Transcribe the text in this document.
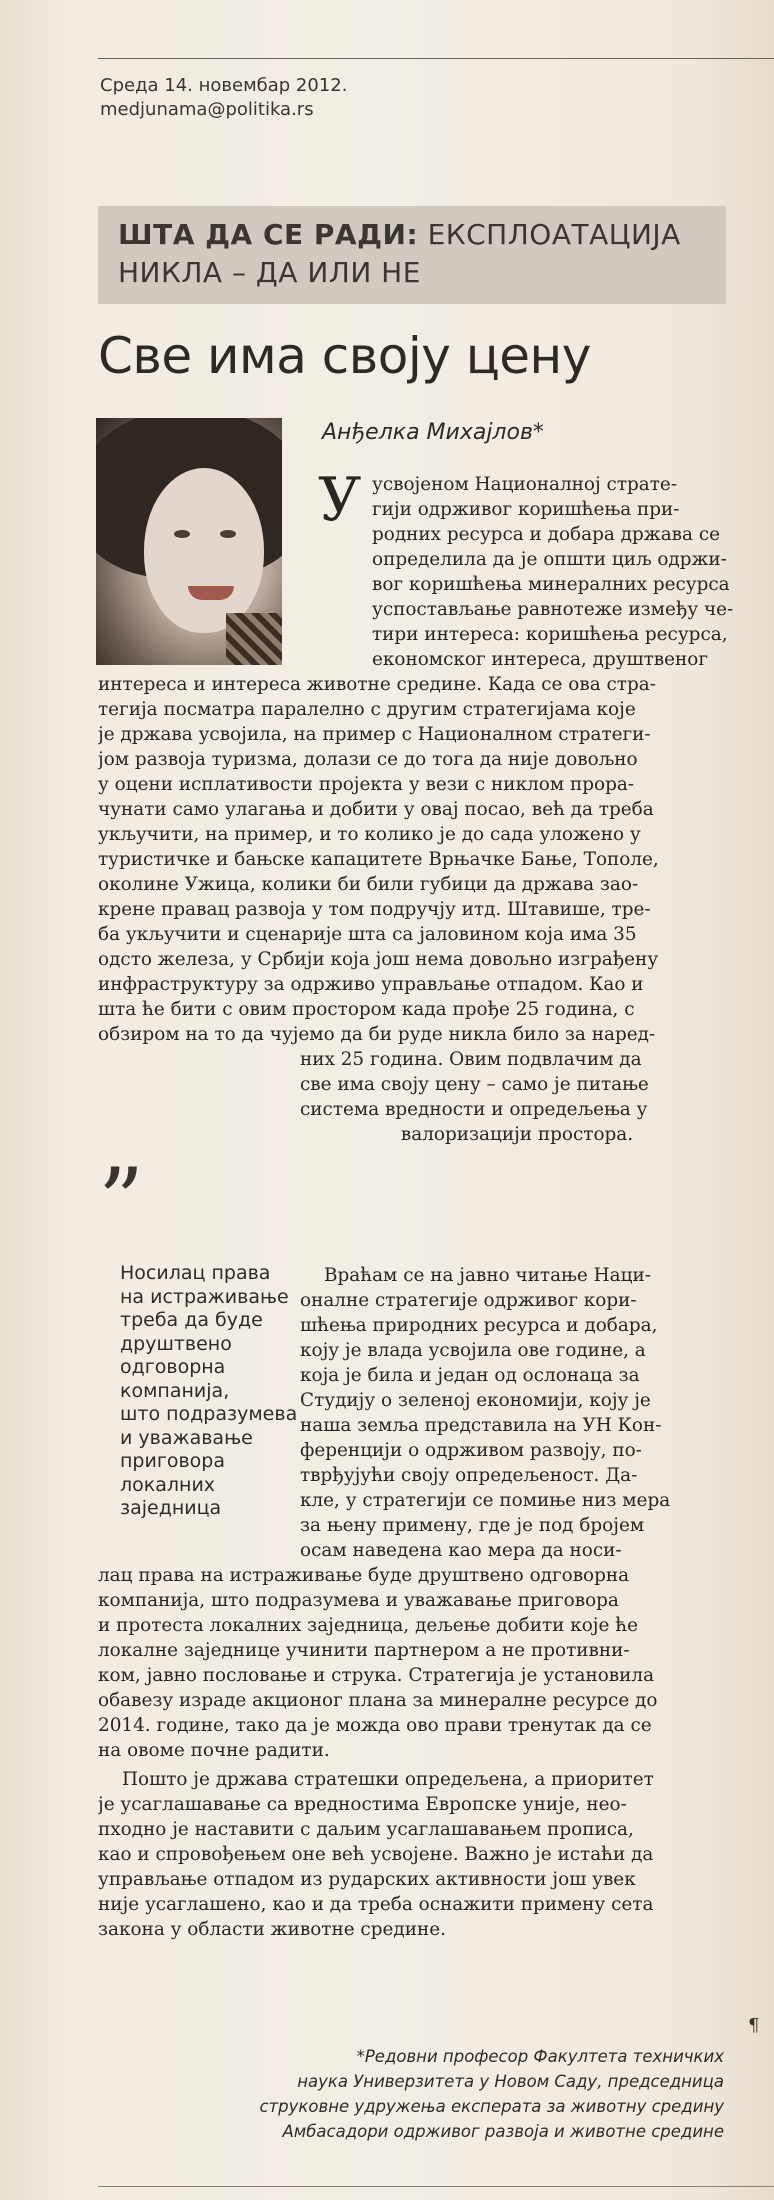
Среда 14. новембар 2012.
medjunama@politika.rs
ШТА ДА СЕ РАДИ: ЕКСПЛОАТАЦИЈА
НИКЛА – ДА ИЛИ НЕ
Све има своју цену
Анђелка Михајлов*
У усвојеном Националној страте-
гији одрживог коришћења при-
родних ресурса и добара држава се
определила да је општи циљ одржи-
вог коришћења минералних ресурса
успостављање равнотеже између че-
тири интереса: коришћења ресурса,
економског интереса, друштвеног
интереса и интереса животне средине. Када се ова стра-
тегија посматра паралелно с другим стратегијама које
је држава усвојила, на пример с Националном стратеги-
јом развоја туризма, долази се до тога да није довољно
у оцени исплативости пројекта у вези с никлом прора-
чунати само улагања и добити у овај посао, већ да треба
укључити, на пример, и то колико је до сада уложено у
туристичке и бањске капацитете Врњачке Бање, Тополе,
околине Ужица, колики би били губици да држава зао-
крене правац развоја у том подручју итд. Штавише, тре-
ба укључити и сценарије шта са јаловином која има 35
одсто железа, у Србији која још нема довољно изграђену
инфраструктуру за одрживо управљање отпадом. Као и
шта ће бити с овим простором када прође 25 година, с
обзиром на то да чујемо да би руде никла било за наред-
них 25 година. Овим подвлачим да
све има своју цену – само је питање
система вредности и опредељења у
валоризацији простора.
Враћам се на јавно читање Наци-
оналне стратегије одрживог кори-
шћења природних ресурса и добара,
коју је влада усвојила ове године, а
која је била и један од ослонаца за
Студију о зеленој економији, коју је
наша земља представила на УН Кон-
ференцији о одрживом развоју, по-
тврђујући своју опредељеност. Да-
кле, у стратегији се помиње низ мера
за њену примену, где је под бројем
осам наведена као мера да носи-
лац права на истраживање буде друштвено одговорна
компанија, што подразумева и уважавање приговора
и протеста локалних заједница, дељење добити које ће
локалне заједнице учинити партнером а не противни-
ком, јавно пословање и струка. Стратегија је установила
обавезу израде акционог плана за минералне ресурсе до
2014. године, тако да је можда ово прави тренутак да се
на овоме почне радити.
Пошто је држава стратешки опредељена, а приоритет
је усаглашавање са вредностима Европске уније, нео-
пходно је наставити с даљим усаглашавањем прописа,
као и спровођењем оне већ усвојене. Важно је истаћи да
управљање отпадом из рударских активности још увек
није усаглашено, као и да треба оснажити примену сета
закона у области животне средине.
”
Носилац права
на истраживање
треба да буде
друштвено
одговорна
компанија,
што подразумева
и уважавање
приговора
локалних
заједница
¶
*Редовни професор Факултета техничких
наука Универзитета у Новом Саду, председница
струковне удружења експерата за животну средину
Амбасадори одрживог развоја и животне средине
